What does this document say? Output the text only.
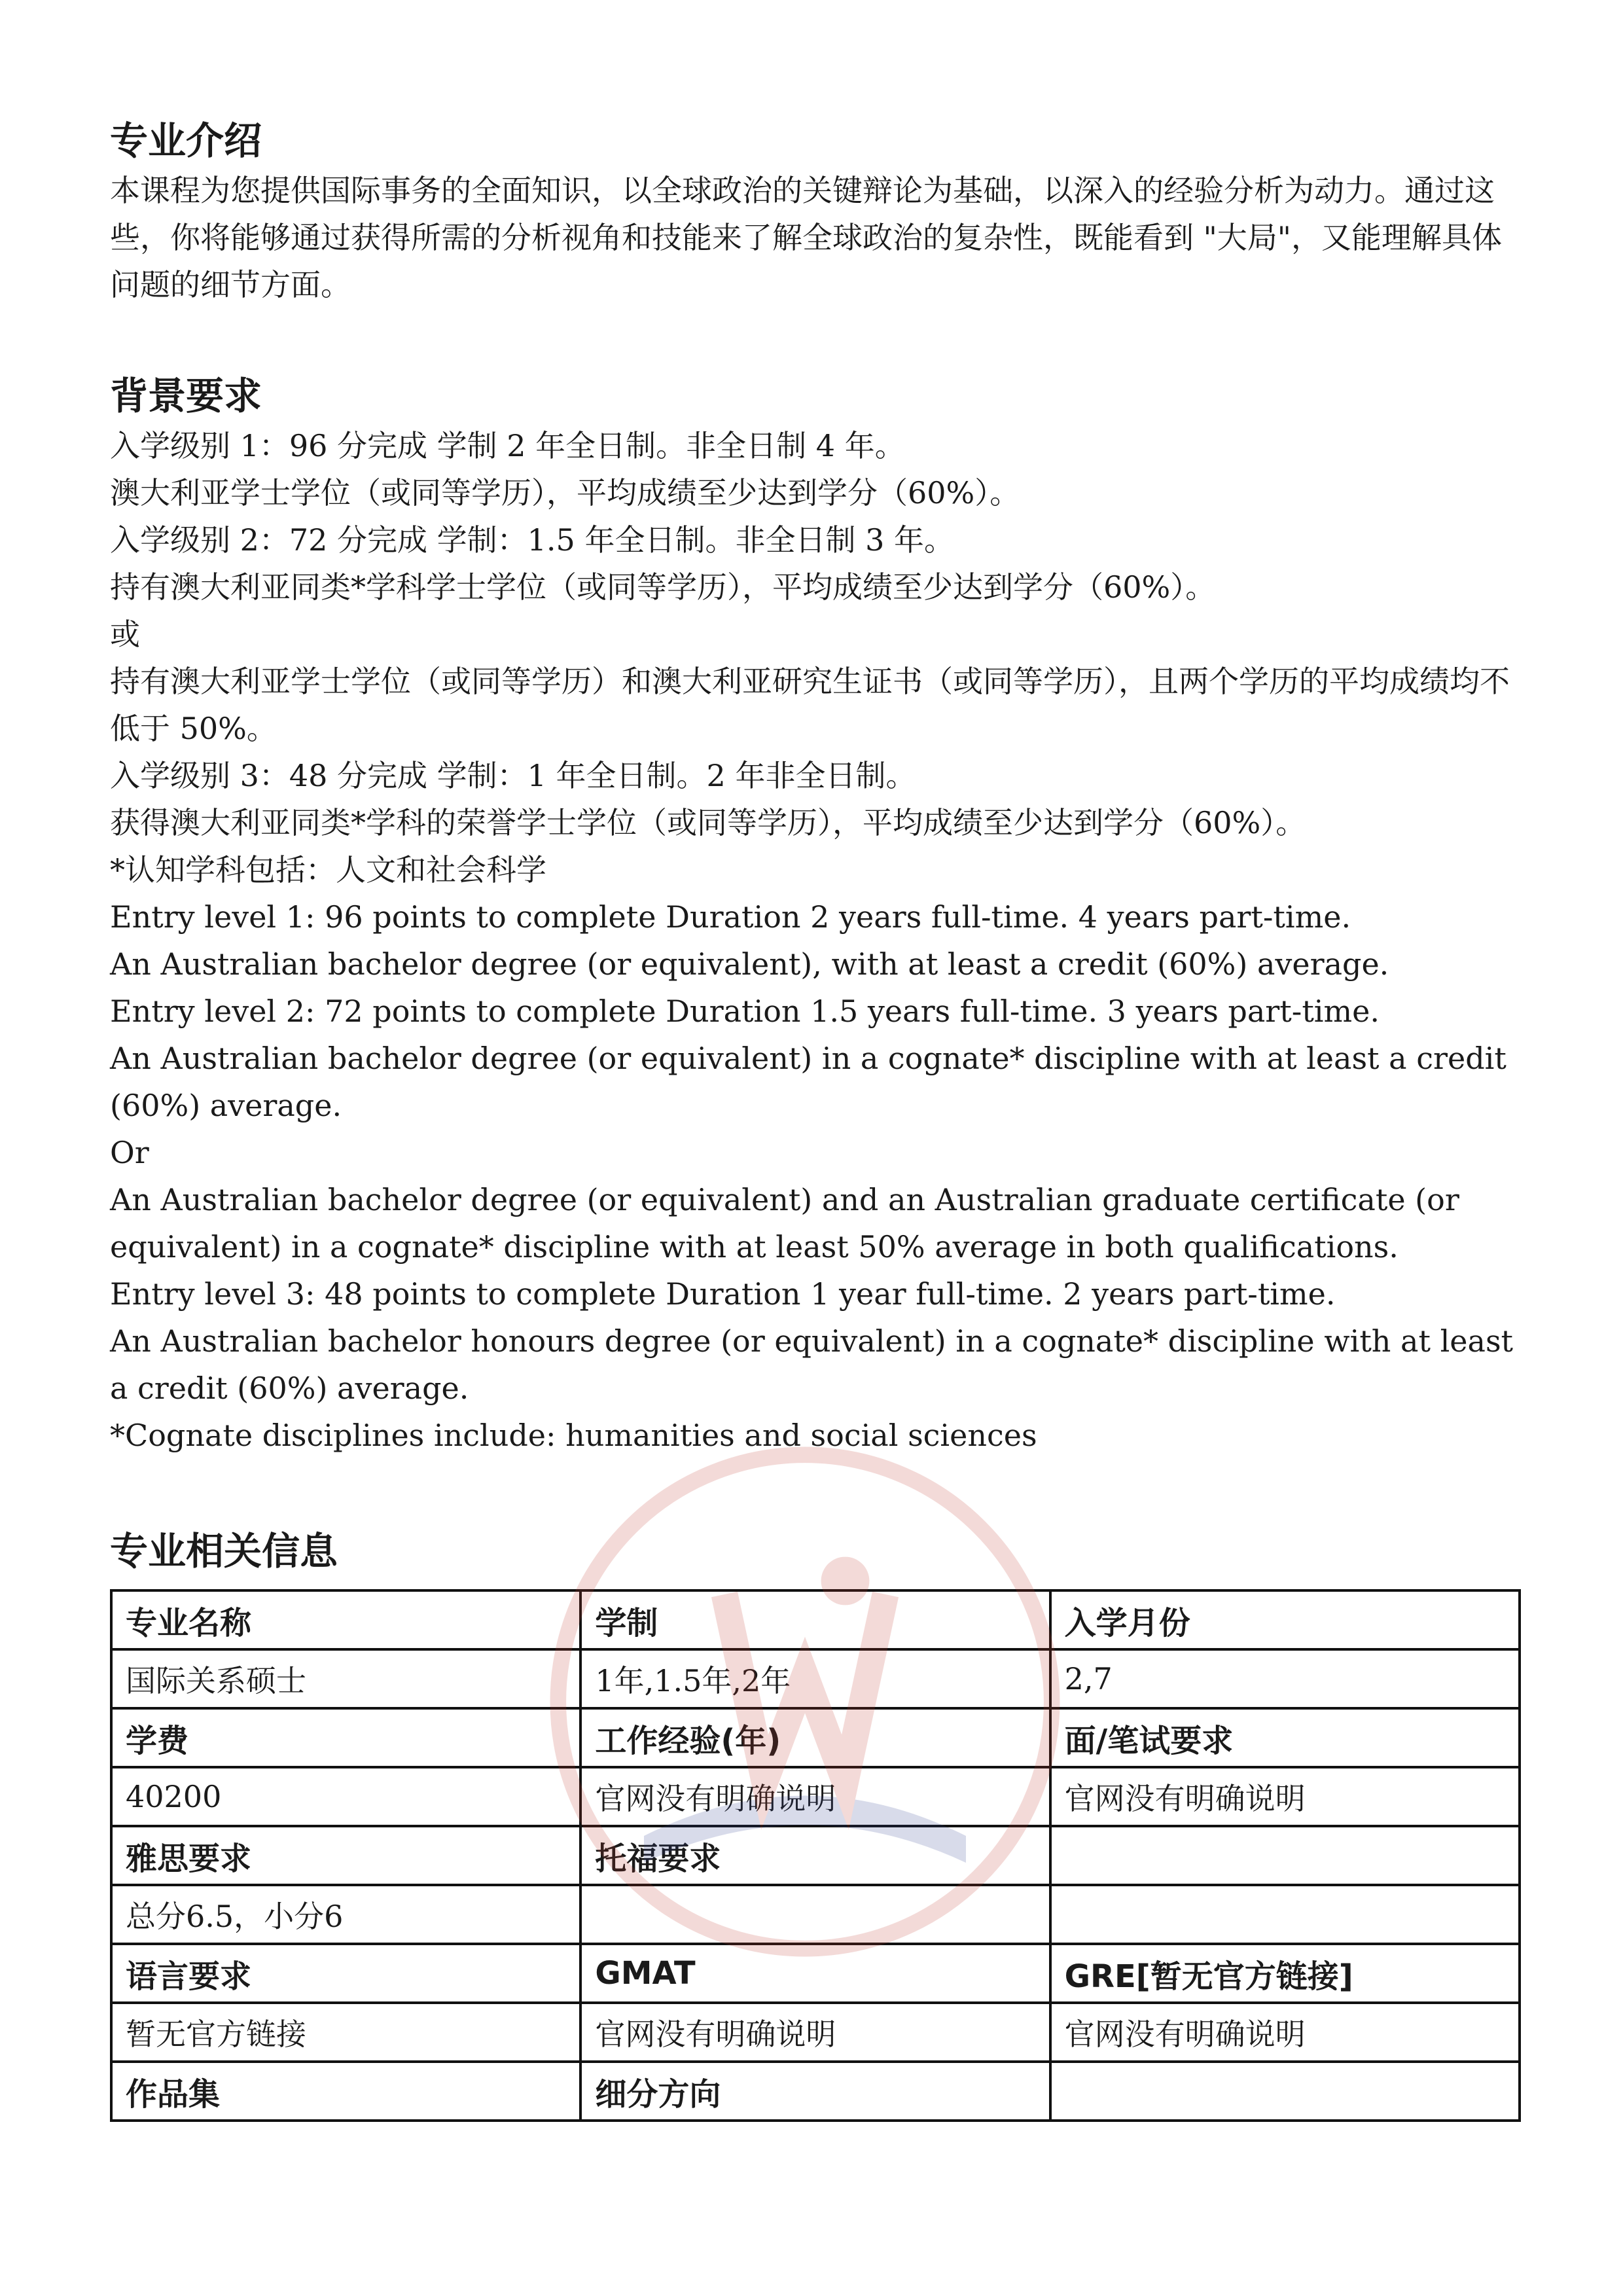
专业介绍

本课程为您提供国际事务的全面知识，以全球政治的关键辩论为基础，以深入的经验分析为动力。通过这些，你将能够通过获得所需的分析视角和技能来了解全球政治的复杂性，既能看到 "大局"，又能理解具体问题的细节方面。

背景要求

入学级别 1：96 分完成 学制 2 年全日制。非全日制 4 年。

澳大利亚学士学位（或同等学历），平均成绩至少达到学分（60%）。

入学级别 2：72 分完成 学制：1.5 年全日制。非全日制 3 年。

持有澳大利亚同类*学科学士学位（或同等学历），平均成绩至少达到学分（60%）。

或

持有澳大利亚学士学位（或同等学历）和澳大利亚研究生证书（或同等学历），且两个学历的平均成绩均不低于 50%。

入学级别 3：48 分完成 学制：1 年全日制。2 年非全日制。

获得澳大利亚同类*学科的荣誉学士学位（或同等学历），平均成绩至少达到学分（60%）。

*认知学科包括：人文和社会科学

Entry level 1: 96 points to complete Duration 2 years full-time. 4 years part-time.

An Australian bachelor degree (or equivalent), with at least a credit (60%) average.

Entry level 2: 72 points to complete Duration 1.5 years full-time. 3 years part-time.

An Australian bachelor degree (or equivalent) in a cognate* discipline with at least a credit (60%) average.

Or

An Australian bachelor degree (or equivalent) and an Australian graduate certificate (or equivalent) in a cognate* discipline with at least 50% average in both qualifications.

Entry level 3: 48 points to complete Duration 1 year full-time. 2 years part-time.

An Australian bachelor honours degree (or equivalent) in a cognate* discipline with at least a credit (60%) average.

*Cognate disciplines include: humanities and social sciences

专业相关信息
专业名称	学制	入学月份
国际关系硕士	1年,1.5年,2年	2,7
学费	工作经验(年)	面/笔试要求
40200	官网没有明确说明	官网没有明确说明
雅思要求	托福要求	
总分6.5，小分6		
语言要求	GMAT	GRE[暂无官方链接]
暂无官方链接	官网没有明确说明	官网没有明确说明
作品集	细分方向	
